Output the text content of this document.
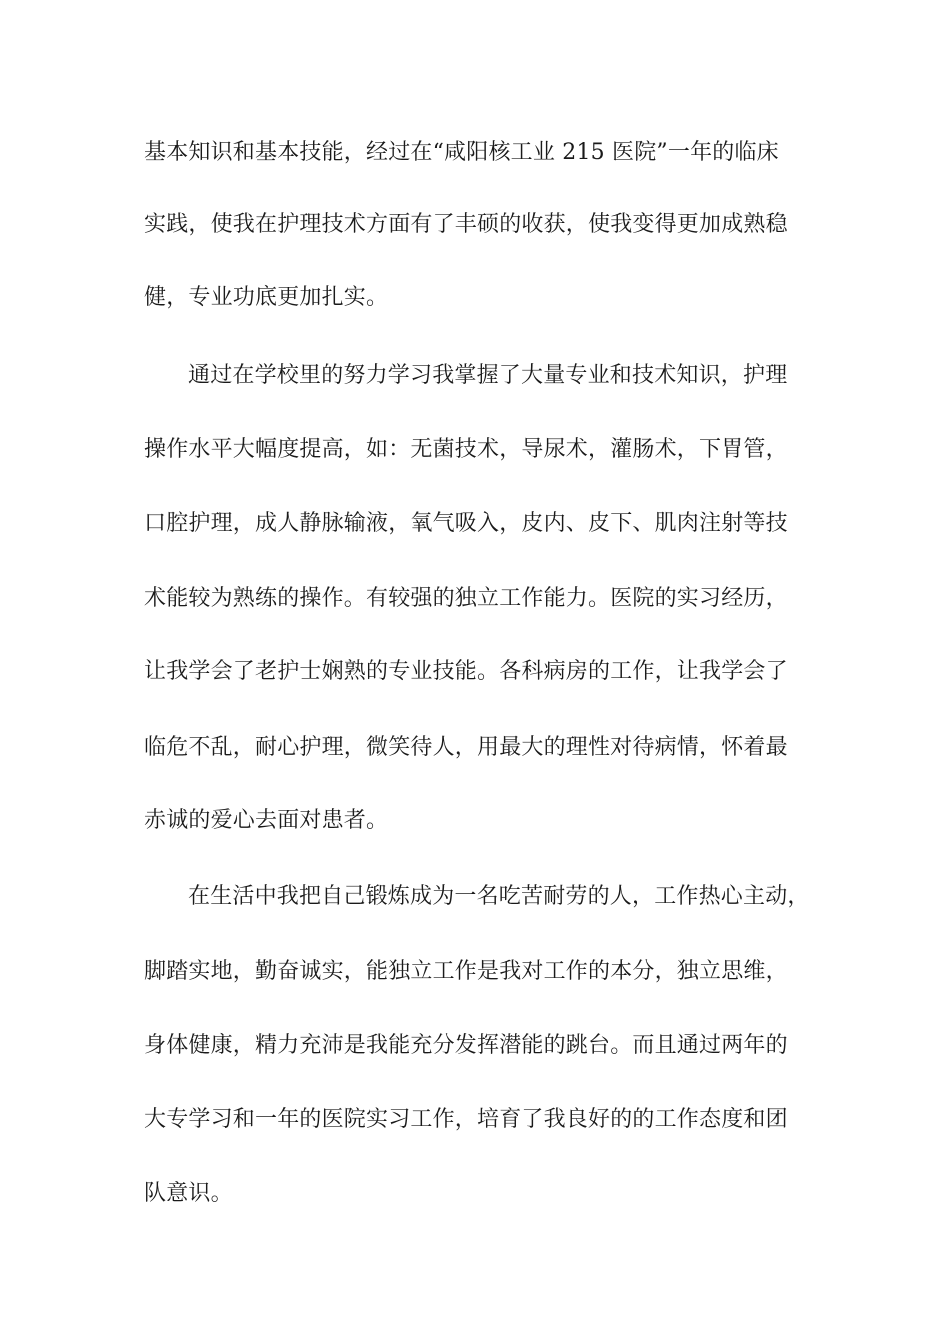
基本知识和基本技能，经过在“咸阳核工业 215 医院”一年的临床
实践，使我在护理技术方面有了丰硕的收获，使我变得更加成熟稳
健，专业功底更加扎实。
通过在学校里的努力学习我掌握了大量专业和技术知识，护理
操作水平大幅度提高，如：无菌技术，导尿术，灌肠术，下胃管，
口腔护理，成人静脉输液，氧气吸入，皮内、皮下、肌肉注射等技
术能较为熟练的操作。有较强的独立工作能力。医院的实习经历，
让我学会了老护士娴熟的专业技能。各科病房的工作，让我学会了
临危不乱，耐心护理，微笑待人，用最大的理性对待病情，怀着最
赤诚的爱心去面对患者。
在生活中我把自己锻炼成为一名吃苦耐劳的人，工作热心主动，
脚踏实地，勤奋诚实，能独立工作是我对工作的本分，独立思维，
身体健康，精力充沛是我能充分发挥潜能的跳台。而且通过两年的
大专学习和一年的医院实习工作，培育了我良好的的工作态度和团
队意识。
